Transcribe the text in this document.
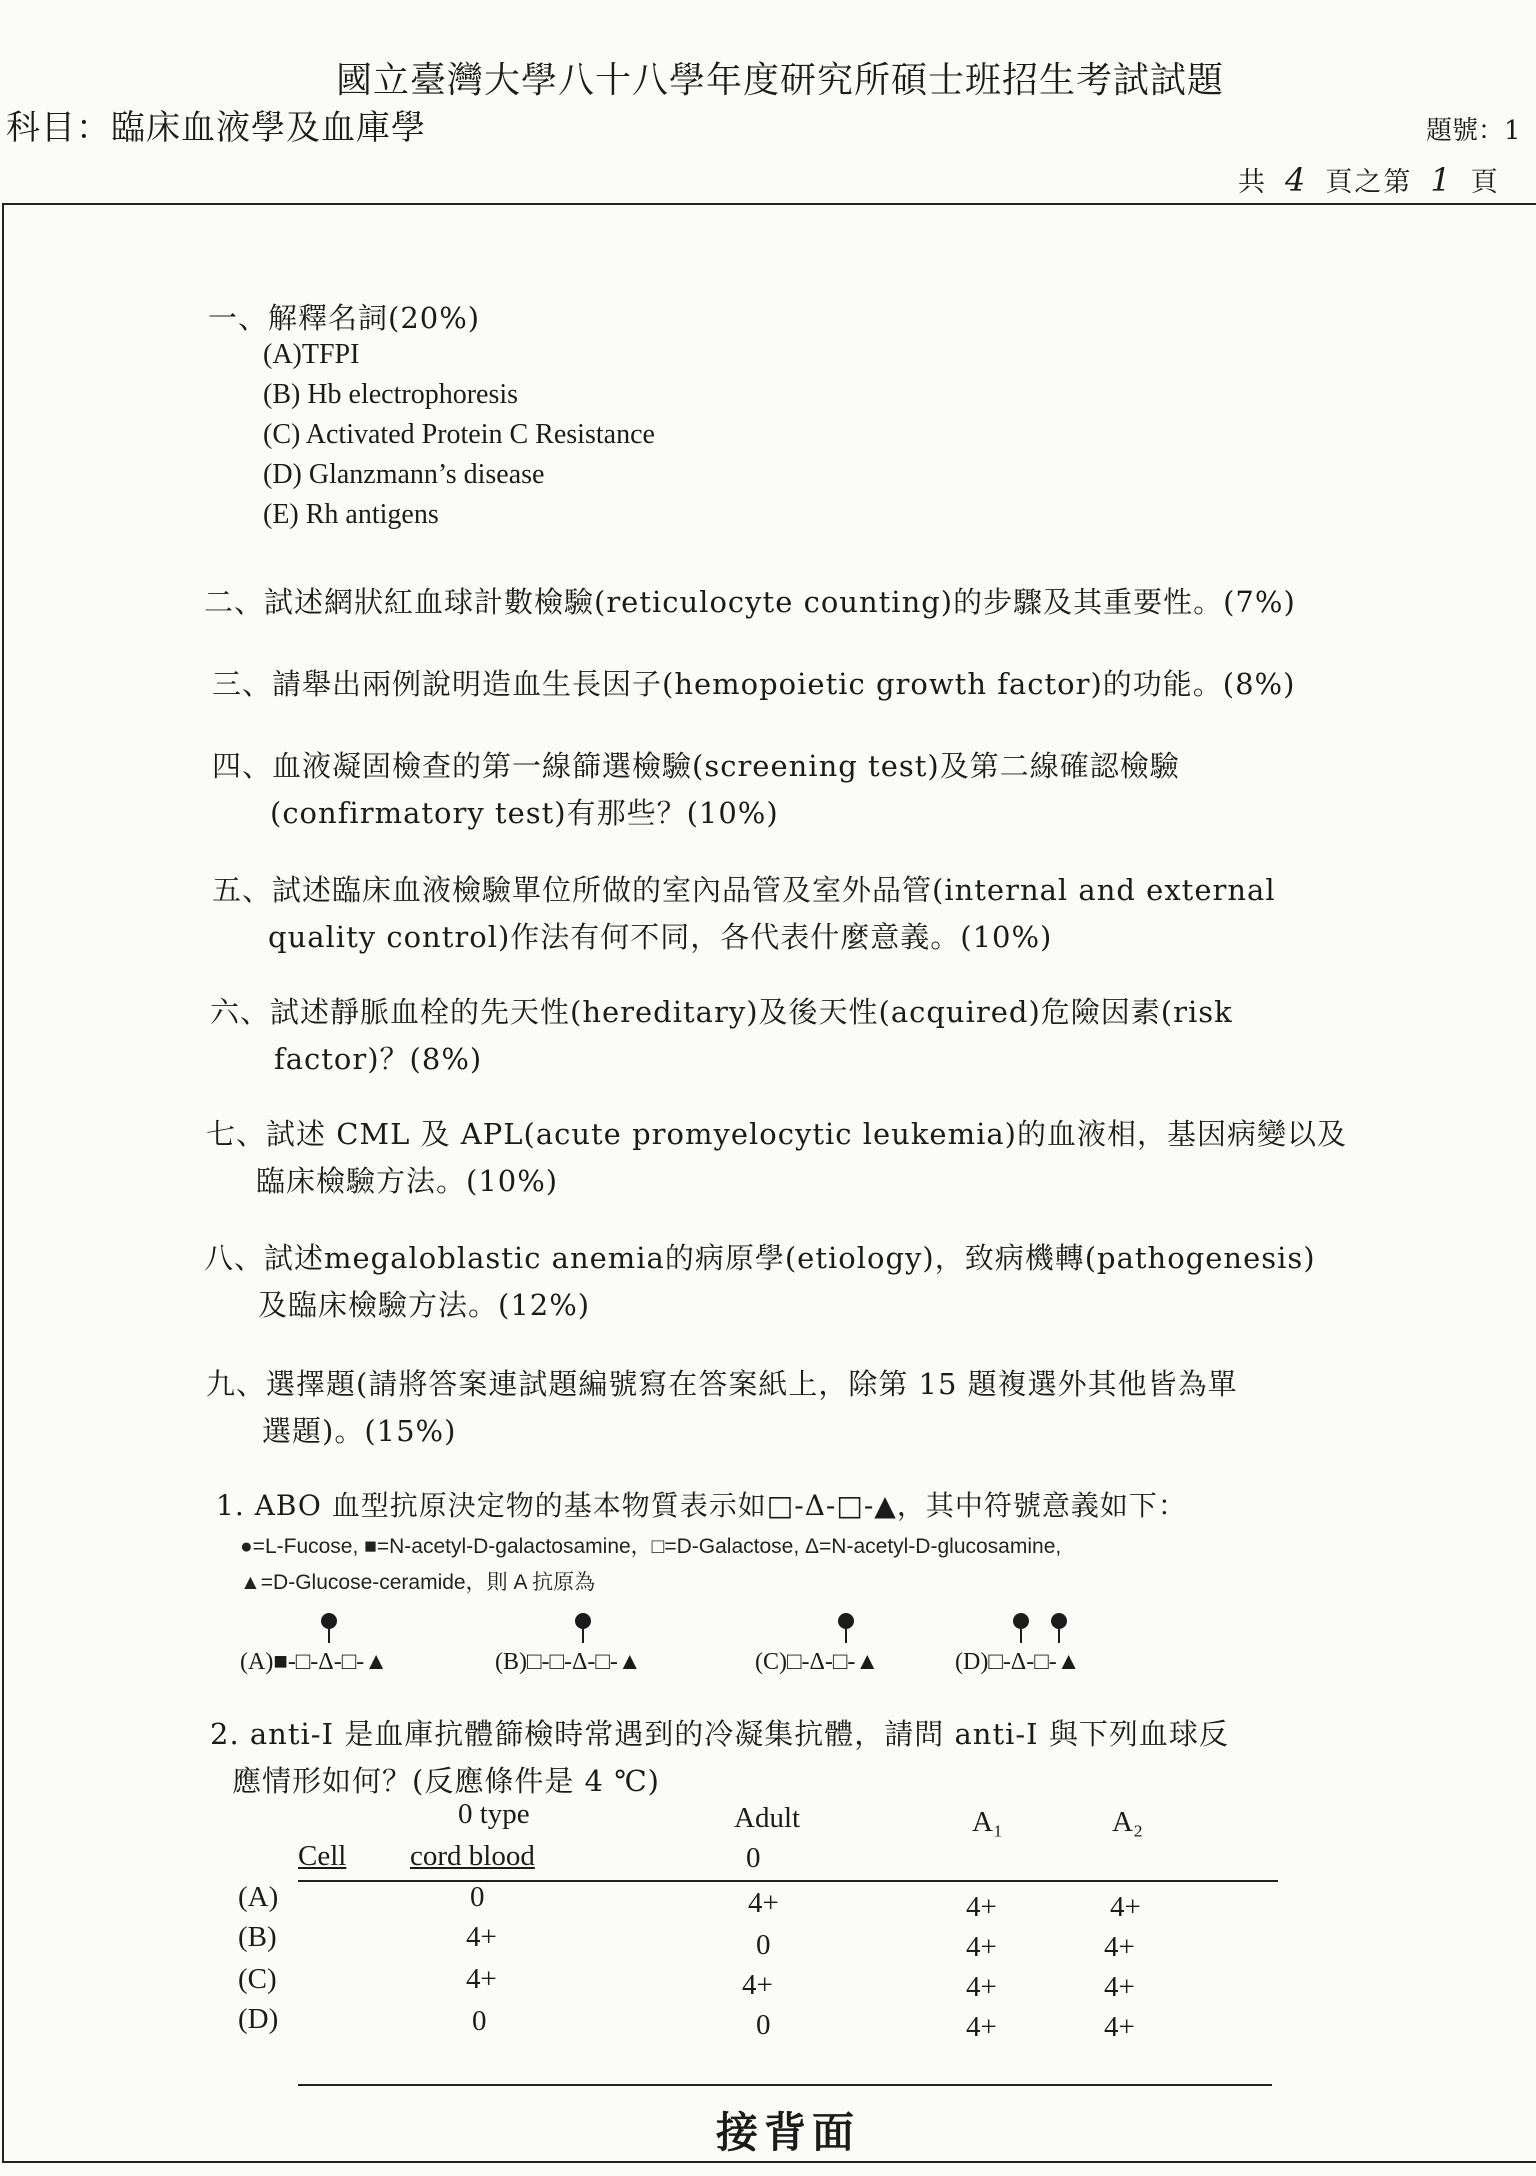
國立臺灣大學八十八學年度研究所碩士班招生考試試題
科目：臨床血液學及血庫學	題號：1
共 4 頁之第 1 頁
一、解釋名詞(20%)
(A)TFPI
(B) Hb electrophoresis
(C) Activated Protein C Resistance
(D) Glanzmann’s disease
(E) Rh antigens
二、試述網狀紅血球計數檢驗(reticulocyte counting)的步驟及其重要性。(7%)
三、請舉出兩例說明造血生長因子(hemopoietic growth factor)的功能。(8%)
四、血液凝固檢查的第一線篩選檢驗(screening test)及第二線確認檢驗
(confirmatory test)有那些？(10%)
五、試述臨床血液檢驗單位所做的室內品管及室外品管(internal and external
quality control)作法有何不同，各代表什麼意義。(10%)
六、試述靜脈血栓的先天性(hereditary)及後天性(acquired)危險因素(risk
factor)？(8%)
七、試述 CML 及 APL(acute promyelocytic leukemia)的血液相，基因病變以及
臨床檢驗方法。(10%)
八、試述megaloblastic anemia的病原學(etiology)，致病機轉(pathogenesis)
及臨床檢驗方法。(12%)
九、選擇題(請將答案連試題編號寫在答案紙上，除第 15 題複選外其他皆為單
選題)。(15%)
1. ABO 血型抗原決定物的基本物質表示如□-Δ-□-▲，其中符號意義如下：
●=L-Fucose, ■=N-acetyl-D-galactosamine，□=D-Galactose, Δ=N-acetyl-D-glucosamine,
▲=D-Glucose-ceramide，則 A 抗原為
(A)■-□-Δ-□-▲	(B)□-□-Δ-□-▲	(C)□-Δ-□-▲	(D)□-Δ-□-▲
2. anti-I 是血庫抗體篩檢時常遇到的冷凝集抗體，請問 anti-I 與下列血球反
應情形如何？(反應條件是 4 ℃)
0 type	Adult	A₁	A₂
Cell cord blood	0
(A)	0	4+	4+	4+
(B)	4+	0	4+	4+
(C)	4+	4+	4+	4+
(D)	0	0	4+	4+
接背面
